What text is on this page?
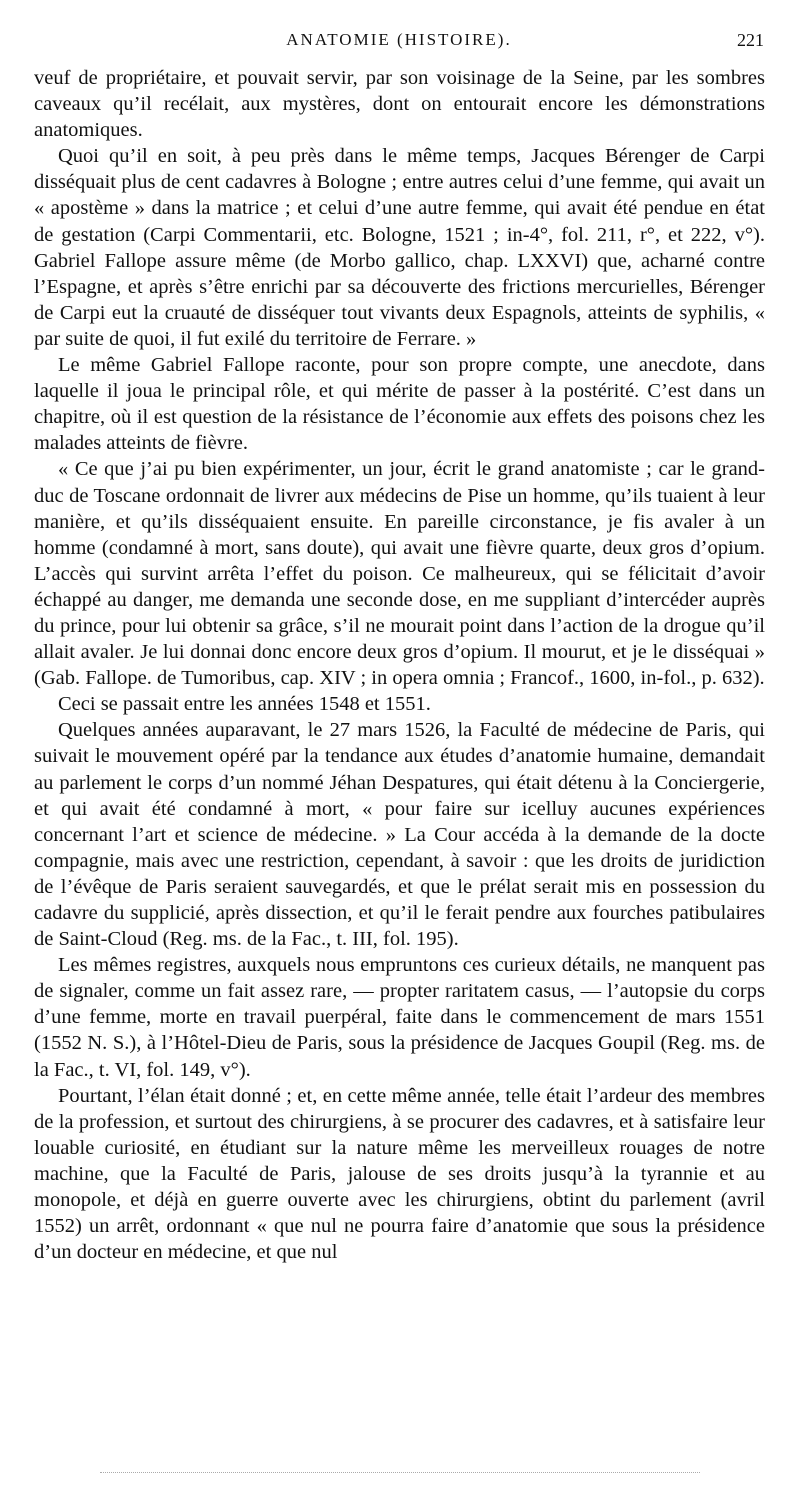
ANATOMIE (HISTOIRE).	221

veuf de propriétaire, et pouvait servir, par son voisinage de la Seine, par les sombres caveaux qu’il recélait, aux mystères, dont on entourait encore les démonstrations anatomiques.

Quoi qu’il en soit, à peu près dans le même temps, Jacques Bérenger de Carpi disséquait plus de cent cadavres à Bologne ; entre autres celui d’une femme, qui avait un « apostème » dans la matrice ; et celui d’une autre femme, qui avait été pendue en état de gestation (Carpi Commentarii, etc. Bologne, 1521 ; in-4°, fol. 211, r°, et 222, v°). Gabriel Fallope assure même (de Morbo gallico, chap. LXXVI) que, acharné contre l’Espagne, et après s’être enrichi par sa découverte des frictions mercurielles, Bérenger de Carpi eut la cruauté de disséquer tout vivants deux Espagnols, atteints de syphilis, « par suite de quoi, il fut exilé du territoire de Ferrare. »

Le même Gabriel Fallope raconte, pour son propre compte, une anecdote, dans laquelle il joua le principal rôle, et qui mérite de passer à la postérité. C’est dans un chapitre, où il est question de la résistance de l’économie aux effets des poisons chez les malades atteints de fièvre.

« Ce que j’ai pu bien expérimenter, un jour, écrit le grand anatomiste ; car le grand-duc de Toscane ordonnait de livrer aux médecins de Pise un homme, qu’ils tuaient à leur manière, et qu’ils disséquaient ensuite. En pareille circonstance, je fis avaler à un homme (condamné à mort, sans doute), qui avait une fièvre quarte, deux gros d’opium. L’accès qui survint arrêta l’effet du poison. Ce malheureux, qui se félicitait d’avoir échappé au danger, me demanda une seconde dose, en me suppliant d’intercéder auprès du prince, pour lui obtenir sa grâce, s’il ne mourait point dans l’action de la drogue qu’il allait avaler. Je lui donnai donc encore deux gros d’opium. Il mourut, et je le disséquai » (Gab. Fallope. de Tumoribus, cap. XIV ; in opera omnia ; Francof., 1600, in-fol., p. 632).

Ceci se passait entre les années 1548 et 1551.

Quelques années auparavant, le 27 mars 1526, la Faculté de médecine de Paris, qui suivait le mouvement opéré par la tendance aux études d’anatomie humaine, demandait au parlement le corps d’un nommé Jéhan Despatures, qui était détenu à la Conciergerie, et qui avait été condamné à mort, « pour faire sur icelluy aucunes expériences concernant l’art et science de médecine. » La Cour accéda à la demande de la docte compagnie, mais avec une restriction, cependant, à savoir : que les droits de juridiction de l’évêque de Paris seraient sauvegardés, et que le prélat serait mis en possession du cadavre du supplicié, après dissection, et qu’il le ferait pendre aux fourches patibulaires de Saint-Cloud (Reg. ms. de la Fac., t. III, fol. 195).

Les mêmes registres, auxquels nous empruntons ces curieux détails, ne manquent pas de signaler, comme un fait assez rare, — propter raritatem casus, — l’autopsie du corps d’une femme, morte en travail puerpéral, faite dans le commencement de mars 1551 (1552 N. S.), à l’Hôtel-Dieu de Paris, sous la présidence de Jacques Goupil (Reg. ms. de la Fac., t. VI, fol. 149, v°).

Pourtant, l’élan était donné ; et, en cette même année, telle était l’ardeur des membres de la profession, et surtout des chirurgiens, à se procurer des cadavres, et à satisfaire leur louable curiosité, en étudiant sur la nature même les merveilleux rouages de notre machine, que la Faculté de Paris, jalouse de ses droits jusqu’à la tyrannie et au monopole, et déjà en guerre ouverte avec les chirurgiens, obtint du parlement (avril 1552) un arrêt, ordonnant « que nul ne pourra faire d’anatomie que sous la présidence d’un docteur en médecine, et que nul
